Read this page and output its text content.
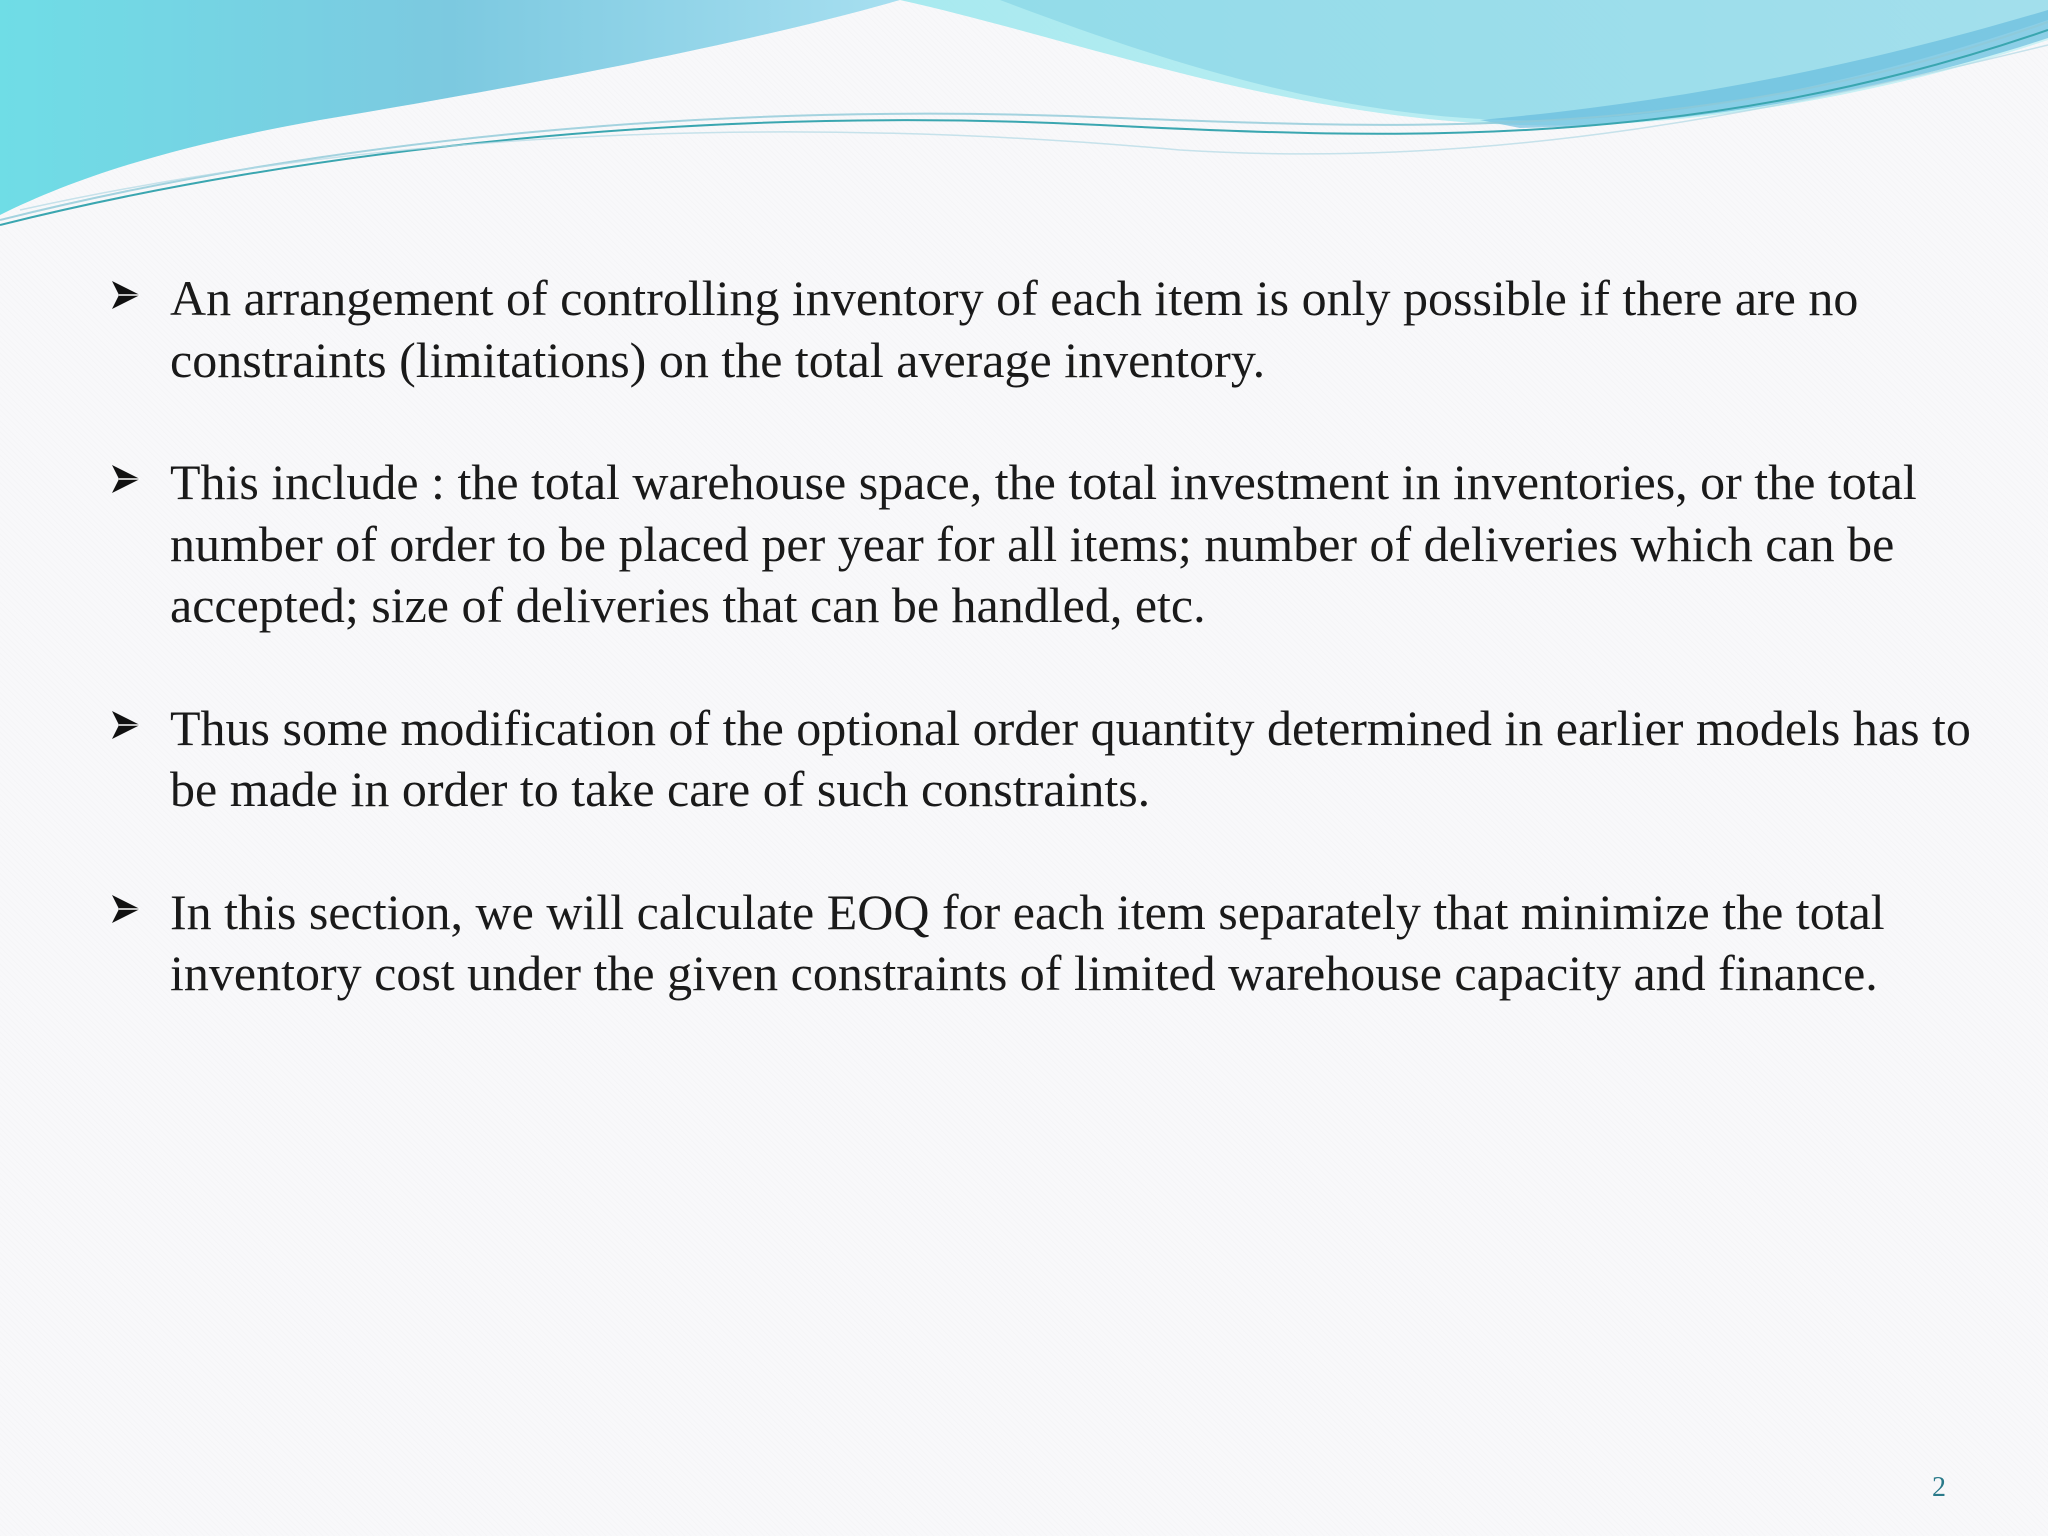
An arrangement of controlling inventory of each item is only possible if there are no constraints (limitations) on the total average inventory.
This include : the total warehouse space, the total investment in inventories, or the total number of order to be placed per year for all items; number of deliveries which can be accepted; size of deliveries that can be handled, etc.
Thus some modification of the optional order quantity determined in earlier models has to be made in order to take care of such constraints.
In this section, we will calculate EOQ for each item separately that minimize the total inventory cost under the given constraints of limited warehouse capacity and finance.
2
